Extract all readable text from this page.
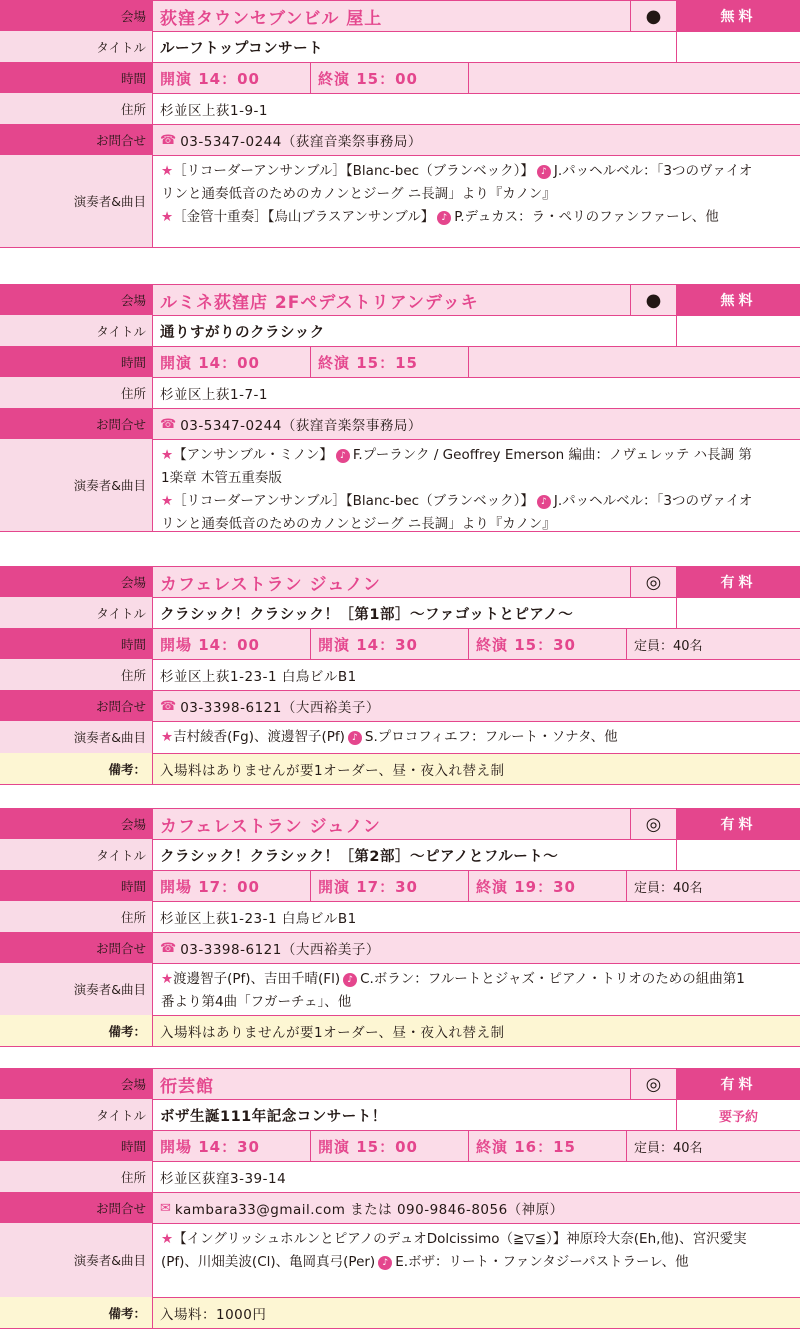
会場 荻窪タウンセブンビル 屋上	●	無料
タイトル ルーフトップコンサート
時間 開演 14：00	終演 15：00
住所	杉並区上荻1-9-1
お問合せ	☎ 03-5347-0244（荻窪音楽祭事務局）
演奏者&曲目
★［リコーダーアンサンブル］【Blanc-bec（ブランベック）】 ♪ J.パッヘルベル：「3つのヴァイオリンと通奏低音のためのカノンとジーグ ニ長調」より『カノン』
★［金管十重奏］【烏山ブラスアンサンブル】 ♪ P.デュカス：ラ・ペリのファンファーレ、他
会場 ルミネ荻窪店 2Fペデストリアンデッキ	●	無料
タイトル 通りすがりのクラシック
時間 開演 14：00	終演 15：15
住所	杉並区上荻1-7-1
お問合せ	☎ 03-5347-0244（荻窪音楽祭事務局）
演奏者&曲目
★【アンサンブル・ミノン】 ♪ F.プーランク / Geoffrey Emerson 編曲：ノヴェレッテ ハ長調 第1楽章 木管五重奏版
★［リコーダーアンサンブル］【Blanc-bec（ブランベック）】 ♪ J.パッヘルベル：「3つのヴァイオリンと通奏低音のためのカノンとジーグ ニ長調」より『カノン』
会場 カフェレストラン ジュノン	◎	有料
タイトル クラシック！クラシック！［第1部］～ファゴットとピアノ～
時間 開場 14：00	開演 14：30	終演 15：30	定員：40名
住所	杉並区上荻1-23-1 白鳥ビルB1
お問合せ	☎ 03-3398-6121（大西裕美子）
演奏者&曲目	★吉村綾香(Fg)、渡邊智子(Pf) ♪ S.プロコフィエフ：フルート・ソナタ、他
備考：	入場料はありませんが要1オーダー、昼・夜入れ替え制
会場 カフェレストラン ジュノン	◎	有料
タイトル クラシック！クラシック！［第2部］～ピアノとフルート～
時間 開場 17：00	開演 17：30	終演 19：30	定員：40名
住所	杉並区上荻1-23-1 白鳥ビルB1
お問合せ	☎ 03-3398-6121（大西裕美子）
演奏者&曲目
★渡邊智子(Pf)、吉田千晴(Fl) ♪ C.ボラン：フルートとジャズ・ピアノ・トリオのための組曲第1番より第4曲「フガーチェ」、他
備考：	入場料はありませんが要1オーダー、昼・夜入れ替え制
会場 衎芸館	◎	有料
タイトル ボザ生誕111年記念コンサート！	要予約
時間 開場 14：30	開演 15：00	終演 16：15	定員：40名
住所	杉並区荻窪3-39-14
お問合せ	✉ kambara33@gmail.com または 090-9846-8056（神原）
演奏者&曲目
★【イングリッシュホルンとピアノのデュオDolcissimo（≧▽≦）】神原玲大奈(Eh,他)、宮沢愛実(Pf)、川畑美波(Cl)、亀岡真弓(Per) ♪ E.ボザ：リート・ファンタジーパストラーレ、他
備考：	入場料：1000円
